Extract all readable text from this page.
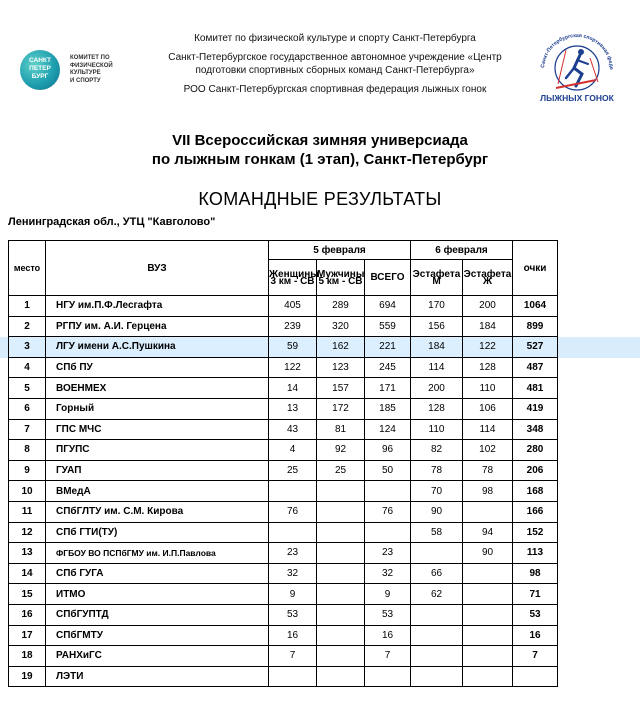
САНКТ
ПЕТЕР
БУРГ
КОМИТЕТ ПО
ФИЗИЧЕСКОЙ
КУЛЬТУРЕ
И СПОРТУ
Комитет по физической культуре и спорту Санкт-Петербурга
Санкт-Петербургское государственное автономное учреждение «Центр подготовки спортивных сборных команд Санкт-Петербурга»
РОО Санкт-Петербургская спортивная федерация лыжных гонок
Санкт-Петербургская спортивная феде
ЛЫЖНЫХ ГОНОК
VII Всероссийская зимняя универсиада
по лыжным гонкам (1 этап), Санкт-Петербург
КОМАНДНЫЕ РЕЗУЛЬТАТЫ
Ленинградская обл., УТЦ "Кавголово"
место	ВУЗ	5 февраля			6 февраля		очки
		Женщины 3 км - СВ	Мужчины 5 км - СВ	ВСЕГО	Эстафета М	Эстафета Ж	
1	НГУ им.П.Ф.Лесгафта	405	289	694	170	200	1064
2	РГПУ им. А.И. Герцена	239	320	559	156	184	899
3	ЛГУ имени А.С.Пушкина	59	162	221	184	122	527
4	СПб ПУ	122	123	245	114	128	487
5	ВОЕНМЕХ	14	157	171	200	110	481
6	Горный	13	172	185	128	106	419
7	ГПС МЧС	43	81	124	110	114	348
8	ПГУПС	4	92	96	82	102	280
9	ГУАП	25	25	50	78	78	206
10	ВМедА				70	98	168
11	СПбГЛТУ им. С.М. Кирова	76		76	90		166
12	СПб ГТИ(ТУ)				58	94	152
13	ФГБОУ ВО ПСПбГМУ им. И.П.Павлова	23		23		90	113
14	СПб ГУГА	32		32	66		98
15	ИТМО	9		9	62		71
16	СПбГУПТД	53		53			53
17	СПбГМТУ	16		16			16
18	РАНХиГС	7		7			7
19	ЛЭТИ						
